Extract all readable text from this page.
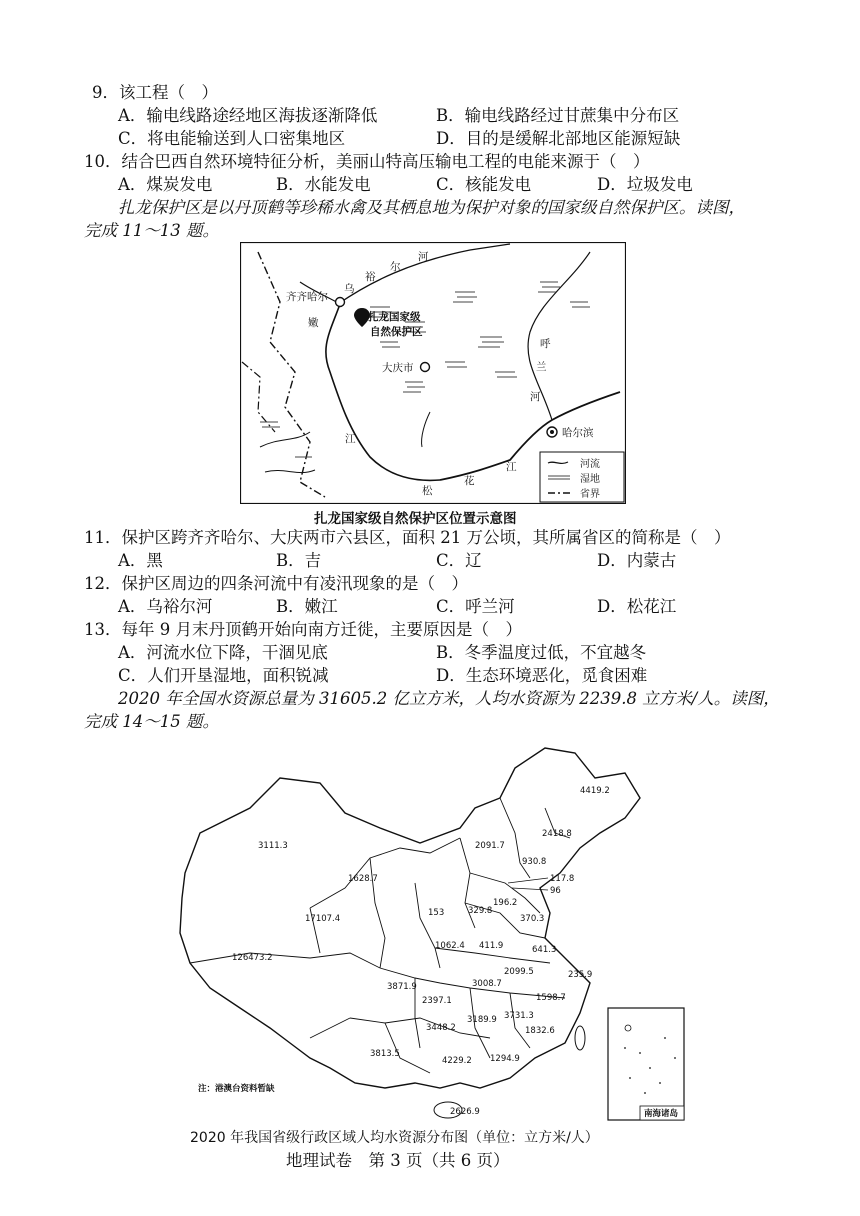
9．该工程（　）
A．输电线路途经地区海拔逐渐降低	B．输电线路经过甘蔗集中分布区
C．将电能输送到人口密集地区	D．目的是缓解北部地区能源短缺
10．结合巴西自然环境特征分析，美丽山特高压输电工程的电能来源于（　）
A．煤炭发电	B．水能发电	C．核能发电	D．垃圾发电
扎龙保护区是以丹顶鹤等珍稀水禽及其栖息地为保护对象的国家级自然保护区。读图，
完成 11～13 题。
齐齐哈尔
扎龙国家级
自然保护区
大庆市
哈尔滨
乌
裕
尔
河
嫩
江
呼
兰
河
松
花
江	河流
湿地
省界
扎龙国家级自然保护区位置示意图
11．保护区跨齐齐哈尔、大庆两市六县区，面积 21 万公顷，其所属省区的简称是（　）
A．黑	B．吉	C．辽	D．内蒙古
12．保护区周边的四条河流中有凌汛现象的是（　）
A．乌裕尔河	B．嫩江	C．呼兰河	D．松花江
13．每年 9 月末丹顶鹤开始向南方迁徙，主要原因是（　）
A．河流水位下降，干涸见底	B．冬季温度过低，不宜越冬
C．人们开垦湿地，面积锐减	D．生态环境恶化，觅食困难
2020 年全国水资源总量为 31605.2 亿立方米，人均水资源为 2239.8 立方米/人。读图，
完成 14～15 题。
4419.2
2418.8
3111.3	2091.7
930.8
117.8
96
1628.7
153
17107.4
196.2
329.8
370.3
126473.2
1062.4 411.9	641.3
235.9
2099.5
3871.9	3008.7
1598.7
2397.1
3448.2
3189.9 3731.3
1832.6
3813.5
4229.2 1294.9
2626.9
注：港澳台资料暂缺
南海诸岛
2020 年我国省级行政区域人均水资源分布图（单位：立方米/人）
地理试卷　第 3 页（共 6 页）
